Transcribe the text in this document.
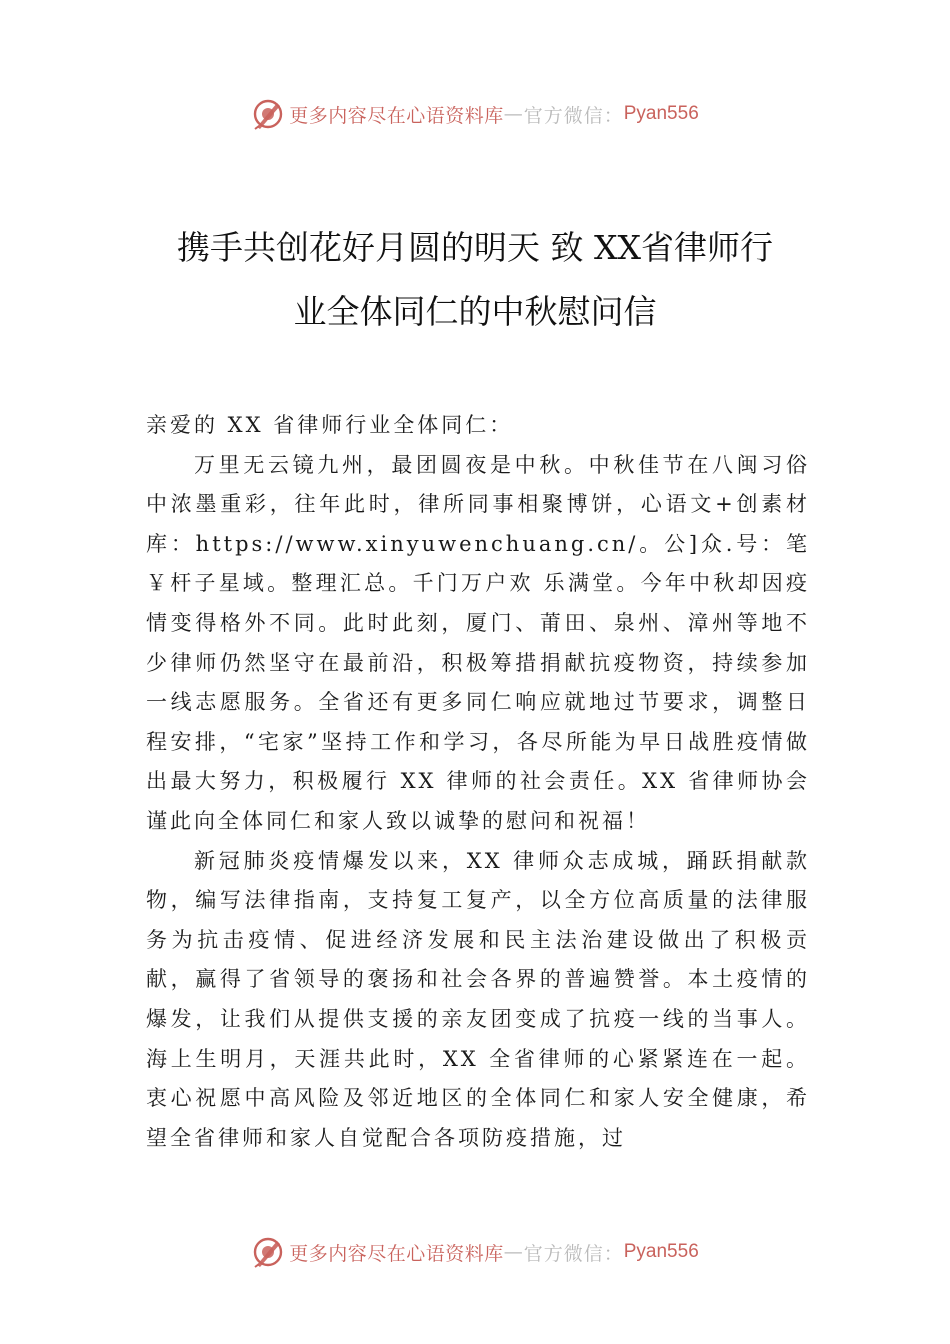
更多内容尽在心语资料库 — 官方微信： Pyan556
携手共创花好月圆的明天 致 XX省律师行
业全体同仁的中秋慰问信

亲爱的 XX 省律师行业全体同仁：

万里无云镜九州，最团圆夜是中秋。中秋佳节在八闽习俗中浓墨重彩，往年此时，律所同事相聚博饼，心语文+创素材库：https://www.xinyuwenchuang.cn/。公]众.号：笔￥杆子星域。整理汇总。千门万户欢 乐满堂。今年中秋却因疫情变得格外不同。此时此刻，厦门、莆田、泉州、漳州等地不少律师仍然坚守在最前沿，积极筹措捐献抗疫物资，持续参加一线志愿服务。全省还有更多同仁响应就地过节要求，调整日程安排，“宅家”坚持工作和学习，各尽所能为早日战胜疫情做出最大努力，积极履行 XX 律师的社会责任。XX 省律师协会谨此向全体同仁和家人致以诚挚的慰问和祝福！

新冠肺炎疫情爆发以来，XX 律师众志成城，踊跃捐献款物，编写法律指南，支持复工复产，以全方位高质量的法律服务为抗击疫情、促进经济发展和民主法治建设做出了积极贡献，赢得了省领导的褒扬和社会各界的普遍赞誉。本土疫情的爆发，让我们从提供支援的亲友团变成了抗疫一线的当事人。海上生明月，天涯共此时，XX 全省律师的心紧紧连在一起。衷心祝愿中高风险及邻近地区的全体同仁和家人安全健康，希望全省律师和家人自觉配合各项防疫措施，过

更多内容尽在心语资料库 — 官方微信： Pyan556
